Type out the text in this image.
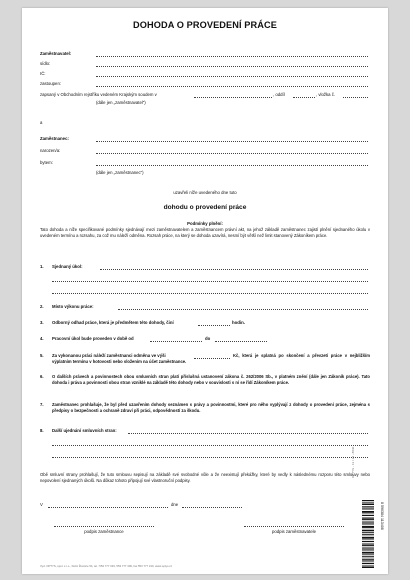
DOHODA O PROVEDENÍ PRÁCE
Zaměstnavatel:
sídlo:
IČ:
zastoupen:
zapsaný v Obchodním rejstříku vedeném Krajským soudem v	, oddíl	, vložka č.
(dále jen „zaměstnavatel“)
a
Zaměstnanec:
narozen/a:
bytem:
(dále jen „zaměstnanec“)
uzavřeli níže uvedeného dne tuto
dohodu o provedení práce
Podmínky plnění:
Tato dohoda a níže specifikované podmínky sjednávají mezi zaměstnavatelem a zaměstnancem právní akt, na jehož základě zaměstnanec zajistí plnění sjednaného úkolu v uvedeném termínu a rozsahu, za což mu náleží odměna. Rozsah práce, na který se dohoda uzavírá, nesmí být větší než limit stanovený Zákoníkem práce.
1. Sjednaný úkol:
2. Místo výkonu práce:
3. Odborný odhad práce, která je předmětem této dohody, činí	hodin.
4. Pracovní úkol bude proveden v době od	do
5. Za vykonanou práci náleží zaměstnanci odměna ve výši	Kč, která je splatná po skončení a převzetí práce v nejbližším výplatním termínu v hotovosti nebo složením na účet zaměstnance.
6. O dalších právech a povinnostech obou smluvních stran platí příslušná ustanovení zákona č. 262/2006 Sb., v platném znění (dále jen Zákoník práce). Tato dohoda i práva a povinnosti obou stran vzniklé na základě této dohody nebo v souvislosti s ní se řídí Zákoníkem práce.
7. Zaměstnanec prohlašuje, že byl před uzavřením dohody seznámen s právy a povinnostmi, které pro něho vyplývají z dohody o provedení práce, zejména s předpisy o bezpečnosti a ochraně zdraví při práci, odpovědností za škodu.
8. Další ujednání smluvních stran:
Obě smluvní strany prohlašují, že tuto smlouvu sepisují na základě své svobodné vůle a že neexistují překážky, které by vedly k následnému rozporu této smlouvy nebo nepovolení sjednaných úkolů. Na důkaz tohoto připojují své vlastnoruční podpisy.
V	dne
podpis zaměstnance	podpis zaměstnavatele
8 590384 113408
OPTYS - 13 / 14 - 8830
Vyd. OPTYS, spol. s r.o., Dolní Životice 54, tel.: 553 777 333, 553 777 300, fax 553 777 310, www.optys.cz
